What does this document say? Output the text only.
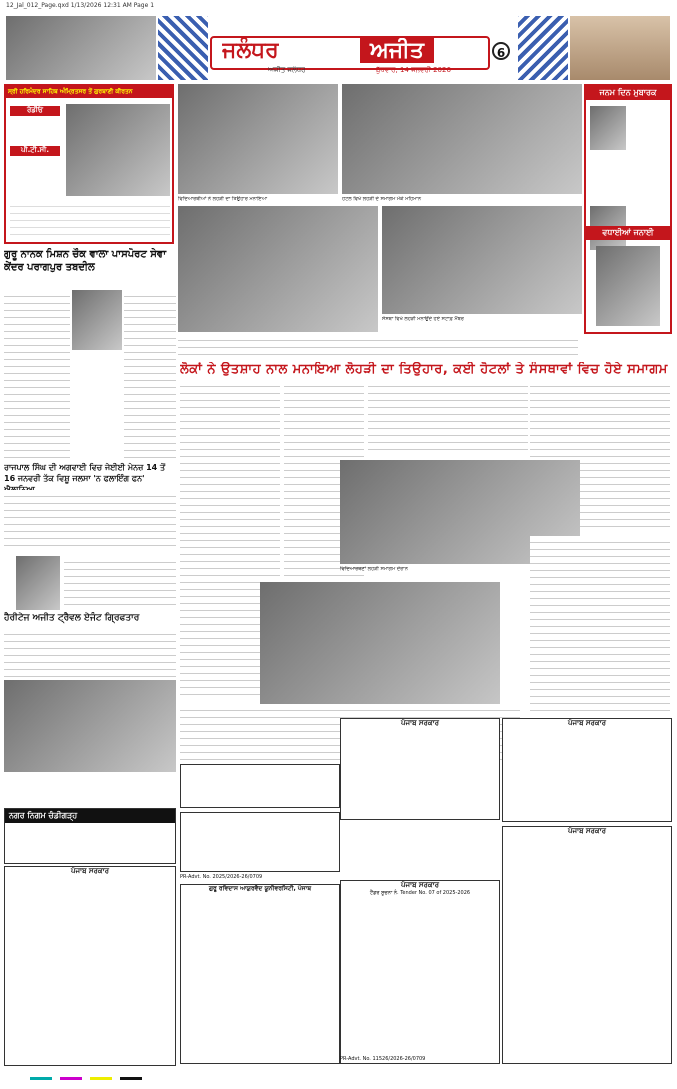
12_Jal_012_Page.qxd 1/13/2026 12:31 AM Page 1
ਜਲੰਧਰ	ਅਜੀਤ
ਅਜੀਤ ਜਲੰਧਰ	ਬੁੱਧਵਾਰ, 14 ਜਨਵਰੀ 2026
6
ਸ੍ਰੀ ਹਰਿਮੰਦਰ ਸਾਹਿਬ ਅੰਮ੍ਰਿਤਸਰ ਤੋਂ ਗੁਰਬਾਣੀ ਕੀਰਤਨ
ਰੇਡੀਓ
ਪੀ.ਟੀ.ਸੀ.
ਵਿਦਿਆਰਥੀਆਂ ਨੇ ਲੋਹੜੀ ਦਾ ਤਿਉਹਾਰ ਮਨਾਇਆ	ਹੋਟਲ ਵਿਖੇ ਲੋਹੜੀ ਦੇ ਸਮਾਗਮ ਮੌਕੇ ਮਹਿਮਾਨ
ਜਨਮ ਦਿਨ ਮੁਬਾਰਕ
ਵਧਾਈਆਂ ਜਨਾਈ
ਸੰਸਥਾ ਵਿਖੇ ਲੋਹੜੀ ਮਨਾਉਂਦੇ ਹੋਏ ਸਟਾਫ਼ ਮੈਂਬਰ
ਗੁਰੂ ਨਾਨਕ ਮਿਸ਼ਨ ਚੌਕ ਵਾਲਾ ਪਾਸਪੋਰਟ ਸੇਵਾ ਕੇਂਦਰ ਪਰਾਗਪੁਰ ਤਬਦੀਲ
ਲੋਕਾਂ ਨੇ ਉਤਸ਼ਾਹ ਨਾਲ ਮਨਾਇਆ ਲੋਹੜੀ ਦਾ ਤਿਉਹਾਰ, ਕਈ ਹੋਟਲਾਂ ਤੇ ਸੰਸਥਾਵਾਂ ਵਿਚ ਹੋਏ ਸਮਾਗਮ
ਰਾਜਪਾਲ ਸਿੰਘ ਦੀ ਅਗਵਾਈ ਵਿਚ ਜੇਈਈ ਮੇਨਜ਼ 14 ਤੋਂ 16 ਜਨਵਰੀ ਤੱਕ ਵਿਸ਼ੂ ਜਲਸਾ 'ਨ ਫਲਾਇੰਗ ਫਨ'
ਹੈਰੀਟੇਜ ਅਜੀਤ ਟ੍ਰੈਵਲ ਏਜੰਟ ਗ੍ਰਿਫਤਾਰ
ਵਿਦਿਆਰਥਣਾਂ ਲੋਹੜੀ ਸਮਾਗਮ ਦੌਰਾਨ
ਪੰਜਾਬ ਸਰਕਾਰ	ਪੰਜਾਬ ਸਰਕਾਰ
ਨਗਰ ਨਿਗਮ ਚੰਡੀਗੜ੍ਹ
ਪੰਜਾਬ ਸਰਕਾਰ
PR-Advt. No. 2025/2026-26/0709
ਗੁਰੂ ਰਵਿਦਾਸ ਆਯੁਰਵੈਦ ਯੂਨੀਵਰਸਿਟੀ, ਪੰਜਾਬ	ਪੰਜਾਬ ਸਰਕਾਰ
ਟੈਂਡਰ ਸੂਚਨਾ ਨੰ. Tender No. 07 of 2025-2026
ਪੰਜਾਬ ਸਰਕਾਰ
PR-Advt. No. 11526/2026-26/0709
